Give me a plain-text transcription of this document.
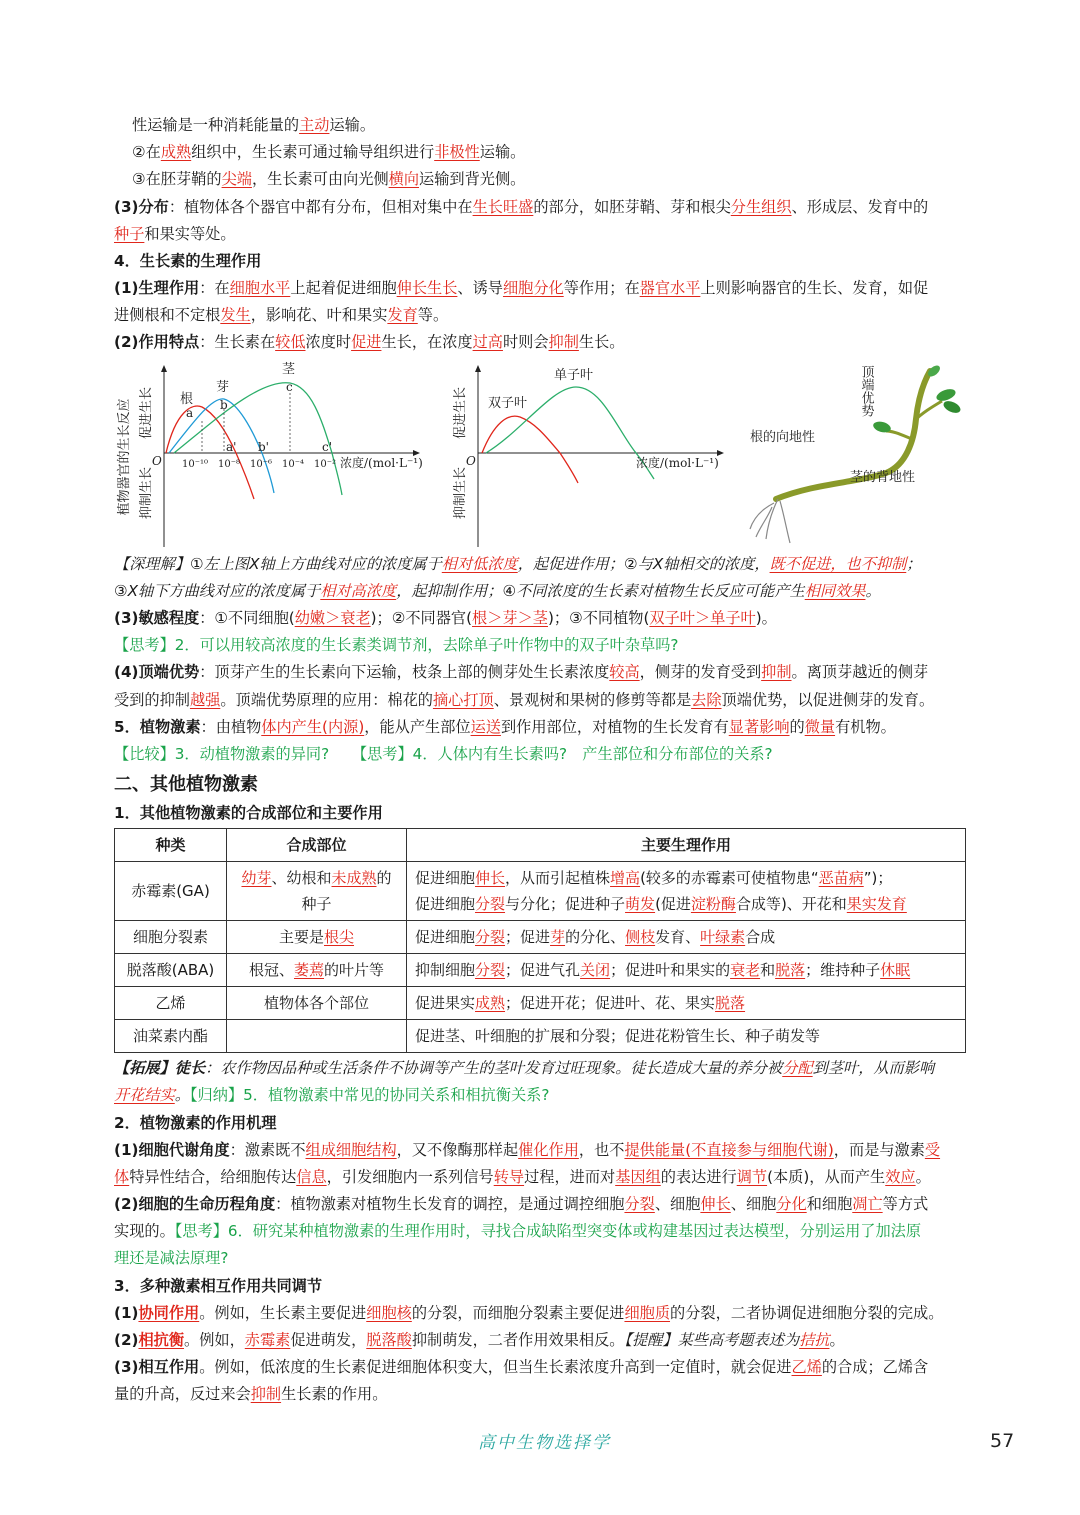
性运输是一种消耗能量的主动运输。
②在成熟组织中，生长素可通过输导组织进行非极性运输。
③在胚芽鞘的尖端，生长素可由向光侧横向运输到背光侧。
(3)分布：植物体各个器官中都有分布，但相对集中在生长旺盛的部分，如胚芽鞘、芽和根尖分生组织、形成层、发育中的
种子和果实等处。
4．生长素的生理作用
(1)生理作用：在细胞水平上起着促进细胞伸长生长、诱导细胞分化等作用；在器官水平上则影响器官的生长、发育，如促
进侧根和不定根发生，影响花、叶和果实发育等。
(2)作用特点：生长素在较低浓度时促进生长，在浓度过高时则会抑制生长。
植物器官的生长反应 促进生长
抑制生长
O
根
芽
茎
a
b
c
a' b'	c'
10⁻¹⁰ 10⁻⁸ 10⁻⁶ 10⁻⁴ 10⁻² 浓度/(mol·L⁻¹)
促进生长
抑制生长
O
双子叶
单子叶
浓度/(mol·L⁻¹)
顶端优势
根的向地性
茎的背地性
【深理解】①左上图X轴上方曲线对应的浓度属于相对低浓度，起促进作用；②与X轴相交的浓度，既不促进，也不抑制；
③X轴下方曲线对应的浓度属于相对高浓度，起抑制作用；④不同浓度的生长素对植物生长反应可能产生相同效果。
(3)敏感程度：①不同细胞(幼嫩＞衰老)；②不同器官(根＞芽＞茎)；③不同植物(双子叶＞单子叶)。
【思考】2．可以用较高浓度的生长素类调节剂，去除单子叶作物中的双子叶杂草吗?
(4)顶端优势：顶芽产生的生长素向下运输，枝条上部的侧芽处生长素浓度较高，侧芽的发育受到抑制。离顶芽越近的侧芽
受到的抑制越强。顶端优势原理的应用：棉花的摘心打顶、景观树和果树的修剪等都是去除顶端优势，以促进侧芽的发育。
5．植物激素：由植物体内产生(内源)，能从产生部位运送到作用部位，对植物的生长发育有显著影响的微量有机物。
【比较】3．动植物激素的异同?　　【思考】4．人体内有生长素吗?　产生部位和分布部位的关系?
二、其他植物激素
1．其他植物激素的合成部位和主要作用
种类	合成部位	主要生理作用
赤霉素(GA)	幼芽、幼根和未成熟的种子	促进细胞伸长，从而引起植株增高(较多的赤霉素可使植物患“恶苗病”)；
促进细胞分裂与分化；促进种子萌发(促进淀粉酶合成等)、开花和果实发育

细胞分裂素	主要是根尖	促进细胞分裂；促进芽的分化、侧枝发育、叶绿素合成
脱落酸(ABA)	根冠、萎蔫的叶片等	抑制细胞分裂；促进气孔关闭；促进叶和果实的衰老和脱落；维持种子休眠
乙烯	植物体各个部位	促进果实成熟；促进开花；促进叶、花、果实脱落
油菜素内酯		促进茎、叶细胞的扩展和分裂；促进花粉管生长、种子萌发等
【拓展】徒长：农作物因品种或生活条件不协调等产生的茎叶发育过旺现象。徒长造成大量的养分被分配到茎叶，从而影响
开花结实。【归纳】5．植物激素中常见的协同关系和相抗衡关系?
2．植物激素的作用机理
(1)细胞代谢角度：激素既不组成细胞结构，又不像酶那样起催化作用，也不提供能量(不直接参与细胞代谢)，而是与激素受
体特异性结合，给细胞传达信息，引发细胞内一系列信号转导过程，进而对基因组的表达进行调节(本质)，从而产生效应。
(2)细胞的生命历程角度：植物激素对植物生长发育的调控，是通过调控细胞分裂、细胞伸长、细胞分化和细胞凋亡等方式
实现的。【思考】6．研究某种植物激素的生理作用时，寻找合成缺陷型突变体或构建基因过表达模型，分别运用了加法原
理还是减法原理?
3．多种激素相互作用共同调节
(1)协同作用。例如，生长素主要促进细胞核的分裂，而细胞分裂素主要促进细胞质的分裂，二者协调促进细胞分裂的完成。
(2)相抗衡。例如，赤霉素促进萌发，脱落酸抑制萌发，二者作用效果相反。【提醒】某些高考题表述为拮抗。
(3)相互作用。例如，低浓度的生长素促进细胞体积变大，但当生长素浓度升高到一定值时，就会促进乙烯的合成；乙烯含
量的升高，反过来会抑制生长素的作用。
高中生物选择学	57
